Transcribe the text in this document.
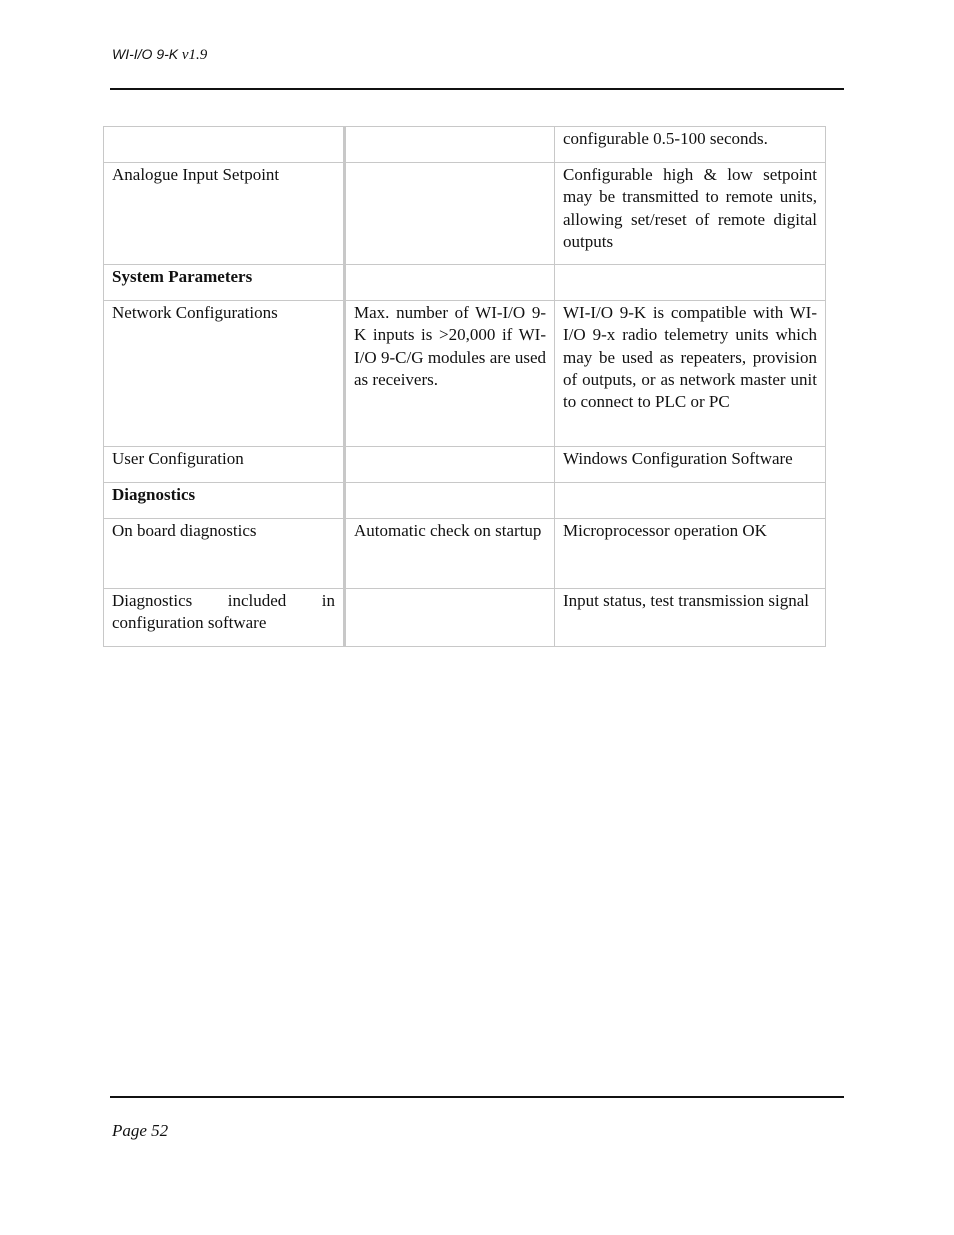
WI-I/O 9-K v1.9
		configurable 0.5-100 seconds.
Analogue Input Setpoint		Configurable high & low setpoint may be transmitted to remote units, allowing set/reset of remote digital outputs
System Parameters		
Network Configurations	Max. number of WI-I/O 9-K inputs is >20,000 if WI-I/O 9-C/G modules are used as receivers.	WI-I/O 9-K is compatible with WI-I/O 9-x radio telemetry units which may be used as repeaters, provision of outputs, or as network master unit to connect to PLC or PC
User Configuration		Windows Configuration Software
Diagnostics		
On board diagnostics	Automatic check on startup	Microprocessor operation OK
Diagnostics included in configuration software		Input status, test transmission signal
Page 52
